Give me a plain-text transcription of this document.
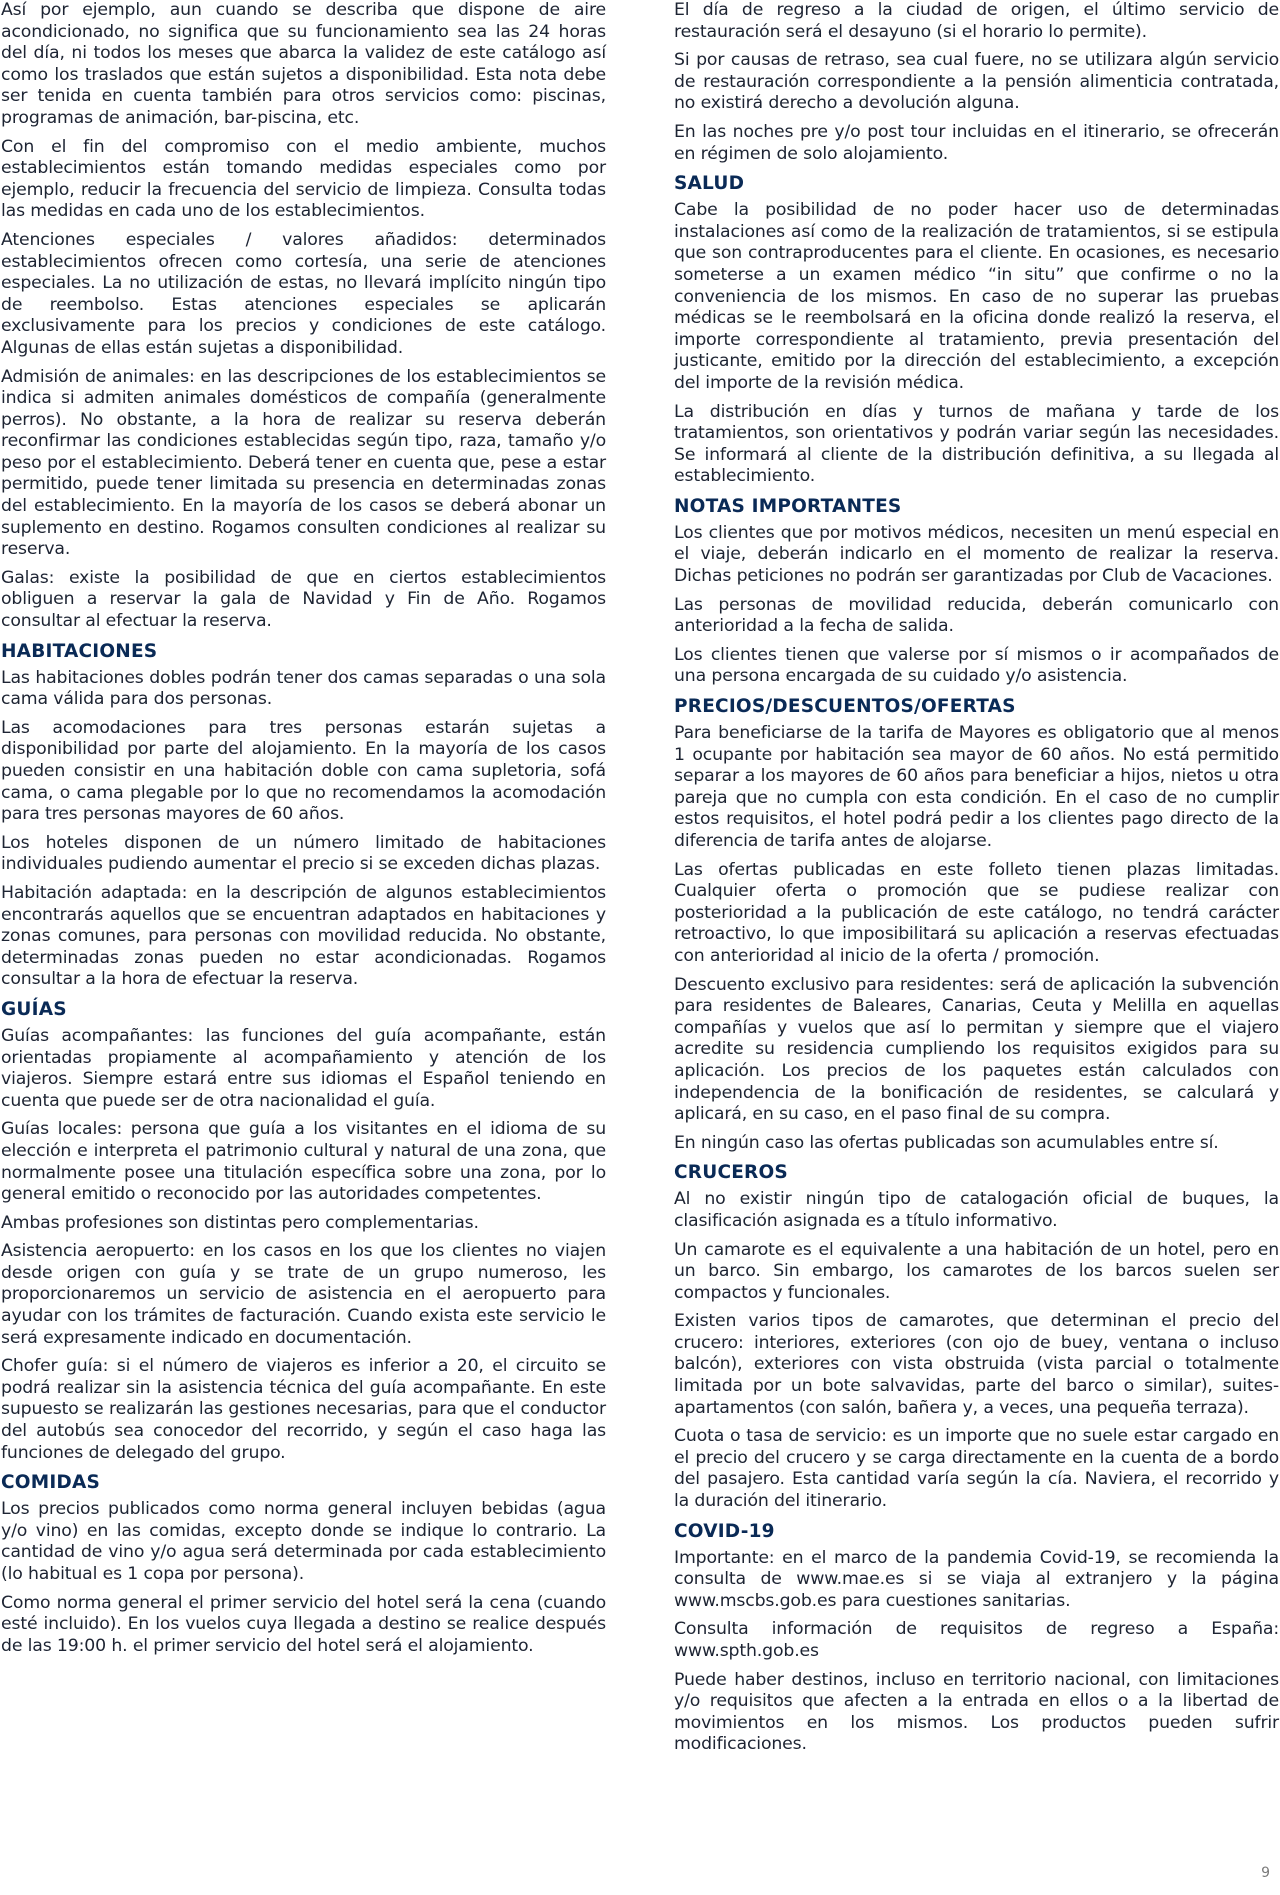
Así por ejemplo, aun cuando se describa que dispone de aire acondicionado, no significa que su funcionamiento sea las 24 horas del día, ni todos los meses que abarca la validez de este catálogo así como los traslados que están sujetos a disponibilidad. Esta nota debe ser tenida en cuenta también para otros servicios como: piscinas, programas de animación, bar-piscina, etc.

Con el fin del compromiso con el medio ambiente, muchos establecimientos están tomando medidas especiales como por ejemplo, reducir la frecuencia del servicio de limpieza. Consulta todas las medidas en cada uno de los establecimientos.

Atenciones especiales / valores añadidos: determinados establecimientos ofrecen como cortesía, una serie de atenciones especiales. La no utilización de estas, no llevará implícito ningún tipo de reembolso. Estas atenciones especiales se aplicarán exclusivamente para los precios y condiciones de este catálogo. Algunas de ellas están sujetas a disponibilidad.

Admisión de animales: en las descripciones de los establecimientos se indica si admiten animales domésticos de compañía (generalmente perros). No obstante, a la hora de realizar su reserva deberán reconfirmar las condiciones establecidas según tipo, raza, tamaño y/o peso por el establecimiento. Deberá tener en cuenta que, pese a estar permitido, puede tener limitada su presencia en determinadas zonas del establecimiento. En la mayoría de los casos se deberá abonar un suplemento en destino. Rogamos consulten condiciones al realizar su reserva.

Galas: existe la posibilidad de que en ciertos establecimientos obliguen a reservar la gala de Navidad y Fin de Año. Rogamos consultar al efectuar la reserva.

HABITACIONES

Las habitaciones dobles podrán tener dos camas separadas o una sola cama válida para dos personas.

Las acomodaciones para tres personas estarán sujetas a disponibilidad por parte del alojamiento. En la mayoría de los casos pueden consistir en una habitación doble con cama supletoria, sofá cama, o cama plegable por lo que no recomendamos la acomodación para tres personas mayores de 60 años.

Los hoteles disponen de un número limitado de habitaciones individuales pudiendo aumentar el precio si se exceden dichas plazas.

Habitación adaptada: en la descripción de algunos establecimientos encontrarás aquellos que se encuentran adaptados en habitaciones y zonas comunes, para personas con movilidad reducida. No obstante, determinadas zonas pueden no estar acondicionadas. Rogamos consultar a la hora de efectuar la reserva.

GUÍAS

Guías acompañantes: las funciones del guía acompañante, están orientadas propiamente al acompañamiento y atención de los viajeros. Siempre estará entre sus idiomas el Español teniendo en cuenta que puede ser de otra nacionalidad el guía.

Guías locales: persona que guía a los visitantes en el idioma de su elección e interpreta el patrimonio cultural y natural de una zona, que normalmente posee una titulación específica sobre una zona, por lo general emitido o reconocido por las autoridades competentes.

Ambas profesiones son distintas pero complementarias.

Asistencia aeropuerto: en los casos en los que los clientes no viajen desde origen con guía y se trate de un grupo numeroso, les proporcionaremos un servicio de asistencia en el aeropuerto para ayudar con los trámites de facturación. Cuando exista este servicio le será expresamente indicado en documentación.

Chofer guía: si el número de viajeros es inferior a 20, el circuito se podrá realizar sin la asistencia técnica del guía acompañante. En este supuesto se realizarán las gestiones necesarias, para que el conductor del autobús sea conocedor del recorrido, y según el caso haga las funciones de delegado del grupo.

COMIDAS

Los precios publicados como norma general incluyen bebidas (agua y/o vino) en las comidas, excepto donde se indique lo contrario. La cantidad de vino y/o agua será determinada por cada establecimiento (lo habitual es 1 copa por persona).

Como norma general el primer servicio del hotel será la cena (cuando esté incluido). En los vuelos cuya llegada a destino se realice después de las 19:00 h. el primer servicio del hotel será el alojamiento.

El día de regreso a la ciudad de origen, el último servicio de restauración será el desayuno (si el horario lo permite).

Si por causas de retraso, sea cual fuere, no se utilizara algún servicio de restauración correspondiente a la pensión alimenticia contratada, no existirá derecho a devolución alguna.

En las noches pre y/o post tour incluidas en el itinerario, se ofrecerán en régimen de solo alojamiento.

SALUD

Cabe la posibilidad de no poder hacer uso de determinadas instalaciones así como de la realización de tratamientos, si se estipula que son contraproducentes para el cliente. En ocasiones, es necesario someterse a un examen médico “in situ” que confirme o no la conveniencia de los mismos. En caso de no superar las pruebas médicas se le reembolsará en la oficina donde realizó la reserva, el importe correspondiente al tratamiento, previa presentación del justicante, emitido por la dirección del establecimiento, a excepción del importe de la revisión médica.

La distribución en días y turnos de mañana y tarde de los tratamientos, son orientativos y podrán variar según las necesidades. Se informará al cliente de la distribución definitiva, a su llegada al establecimiento.

NOTAS IMPORTANTES

Los clientes que por motivos médicos, necesiten un menú especial en el viaje, deberán indicarlo en el momento de realizar la reserva. Dichas peticiones no podrán ser garantizadas por Club de Vacaciones.

Las personas de movilidad reducida, deberán comunicarlo con anterioridad a la fecha de salida.

Los clientes tienen que valerse por sí mismos o ir acompañados de una persona encargada de su cuidado y/o asistencia.

PRECIOS/DESCUENTOS/OFERTAS

Para beneficiarse de la tarifa de Mayores es obligatorio que al menos 1 ocupante por habitación sea mayor de 60 años. No está permitido separar a los mayores de 60 años para beneficiar a hijos, nietos u otra pareja que no cumpla con esta condición. En el caso de no cumplir estos requisitos, el hotel podrá pedir a los clientes pago directo de la diferencia de tarifa antes de alojarse.

Las ofertas publicadas en este folleto tienen plazas limitadas. Cualquier oferta o promoción que se pudiese realizar con posterioridad a la publicación de este catálogo, no tendrá carácter retroactivo, lo que imposibilitará su aplicación a reservas efectuadas con anterioridad al inicio de la oferta / promoción.

Descuento exclusivo para residentes: será de aplicación la subvención para residentes de Baleares, Canarias, Ceuta y Melilla en aquellas compañías y vuelos que así lo permitan y siempre que el viajero acredite su residencia cumpliendo los requisitos exigidos para su aplicación. Los precios de los paquetes están calculados con independencia de la bonificación de residentes, se calculará y aplicará, en su caso, en el paso final de su compra.

En ningún caso las ofertas publicadas son acumulables entre sí.

CRUCEROS

Al no existir ningún tipo de catalogación oficial de buques, la clasificación asignada es a título informativo.

Un camarote es el equivalente a una habitación de un hotel, pero en un barco. Sin embargo, los camarotes de los barcos suelen ser compactos y funcionales.

Existen varios tipos de camarotes, que determinan el precio del crucero: interiores, exteriores (con ojo de buey, ventana o incluso balcón), exteriores con vista obstruida (vista parcial o totalmente limitada por un bote salvavidas, parte del barco o similar), suites-apartamentos (con salón, bañera y, a veces, una pequeña terraza).

Cuota o tasa de servicio: es un importe que no suele estar cargado en el precio del crucero y se carga directamente en la cuenta de a bordo del pasajero. Esta cantidad varía según la cía. Naviera, el recorrido y la duración del itinerario.

COVID-19

Importante: en el marco de la pandemia Covid-19, se recomienda la consulta de www.mae.es si se viaja al extranjero y la página www.mscbs.gob.es para cuestiones sanitarias.

Consulta información de requisitos de regreso a España: www.spth.gob.es

Puede haber destinos, incluso en territorio nacional, con limitaciones y/o requisitos que afecten a la entrada en ellos o a la libertad de movimientos en los mismos. Los productos pueden sufrir modificaciones.

9
